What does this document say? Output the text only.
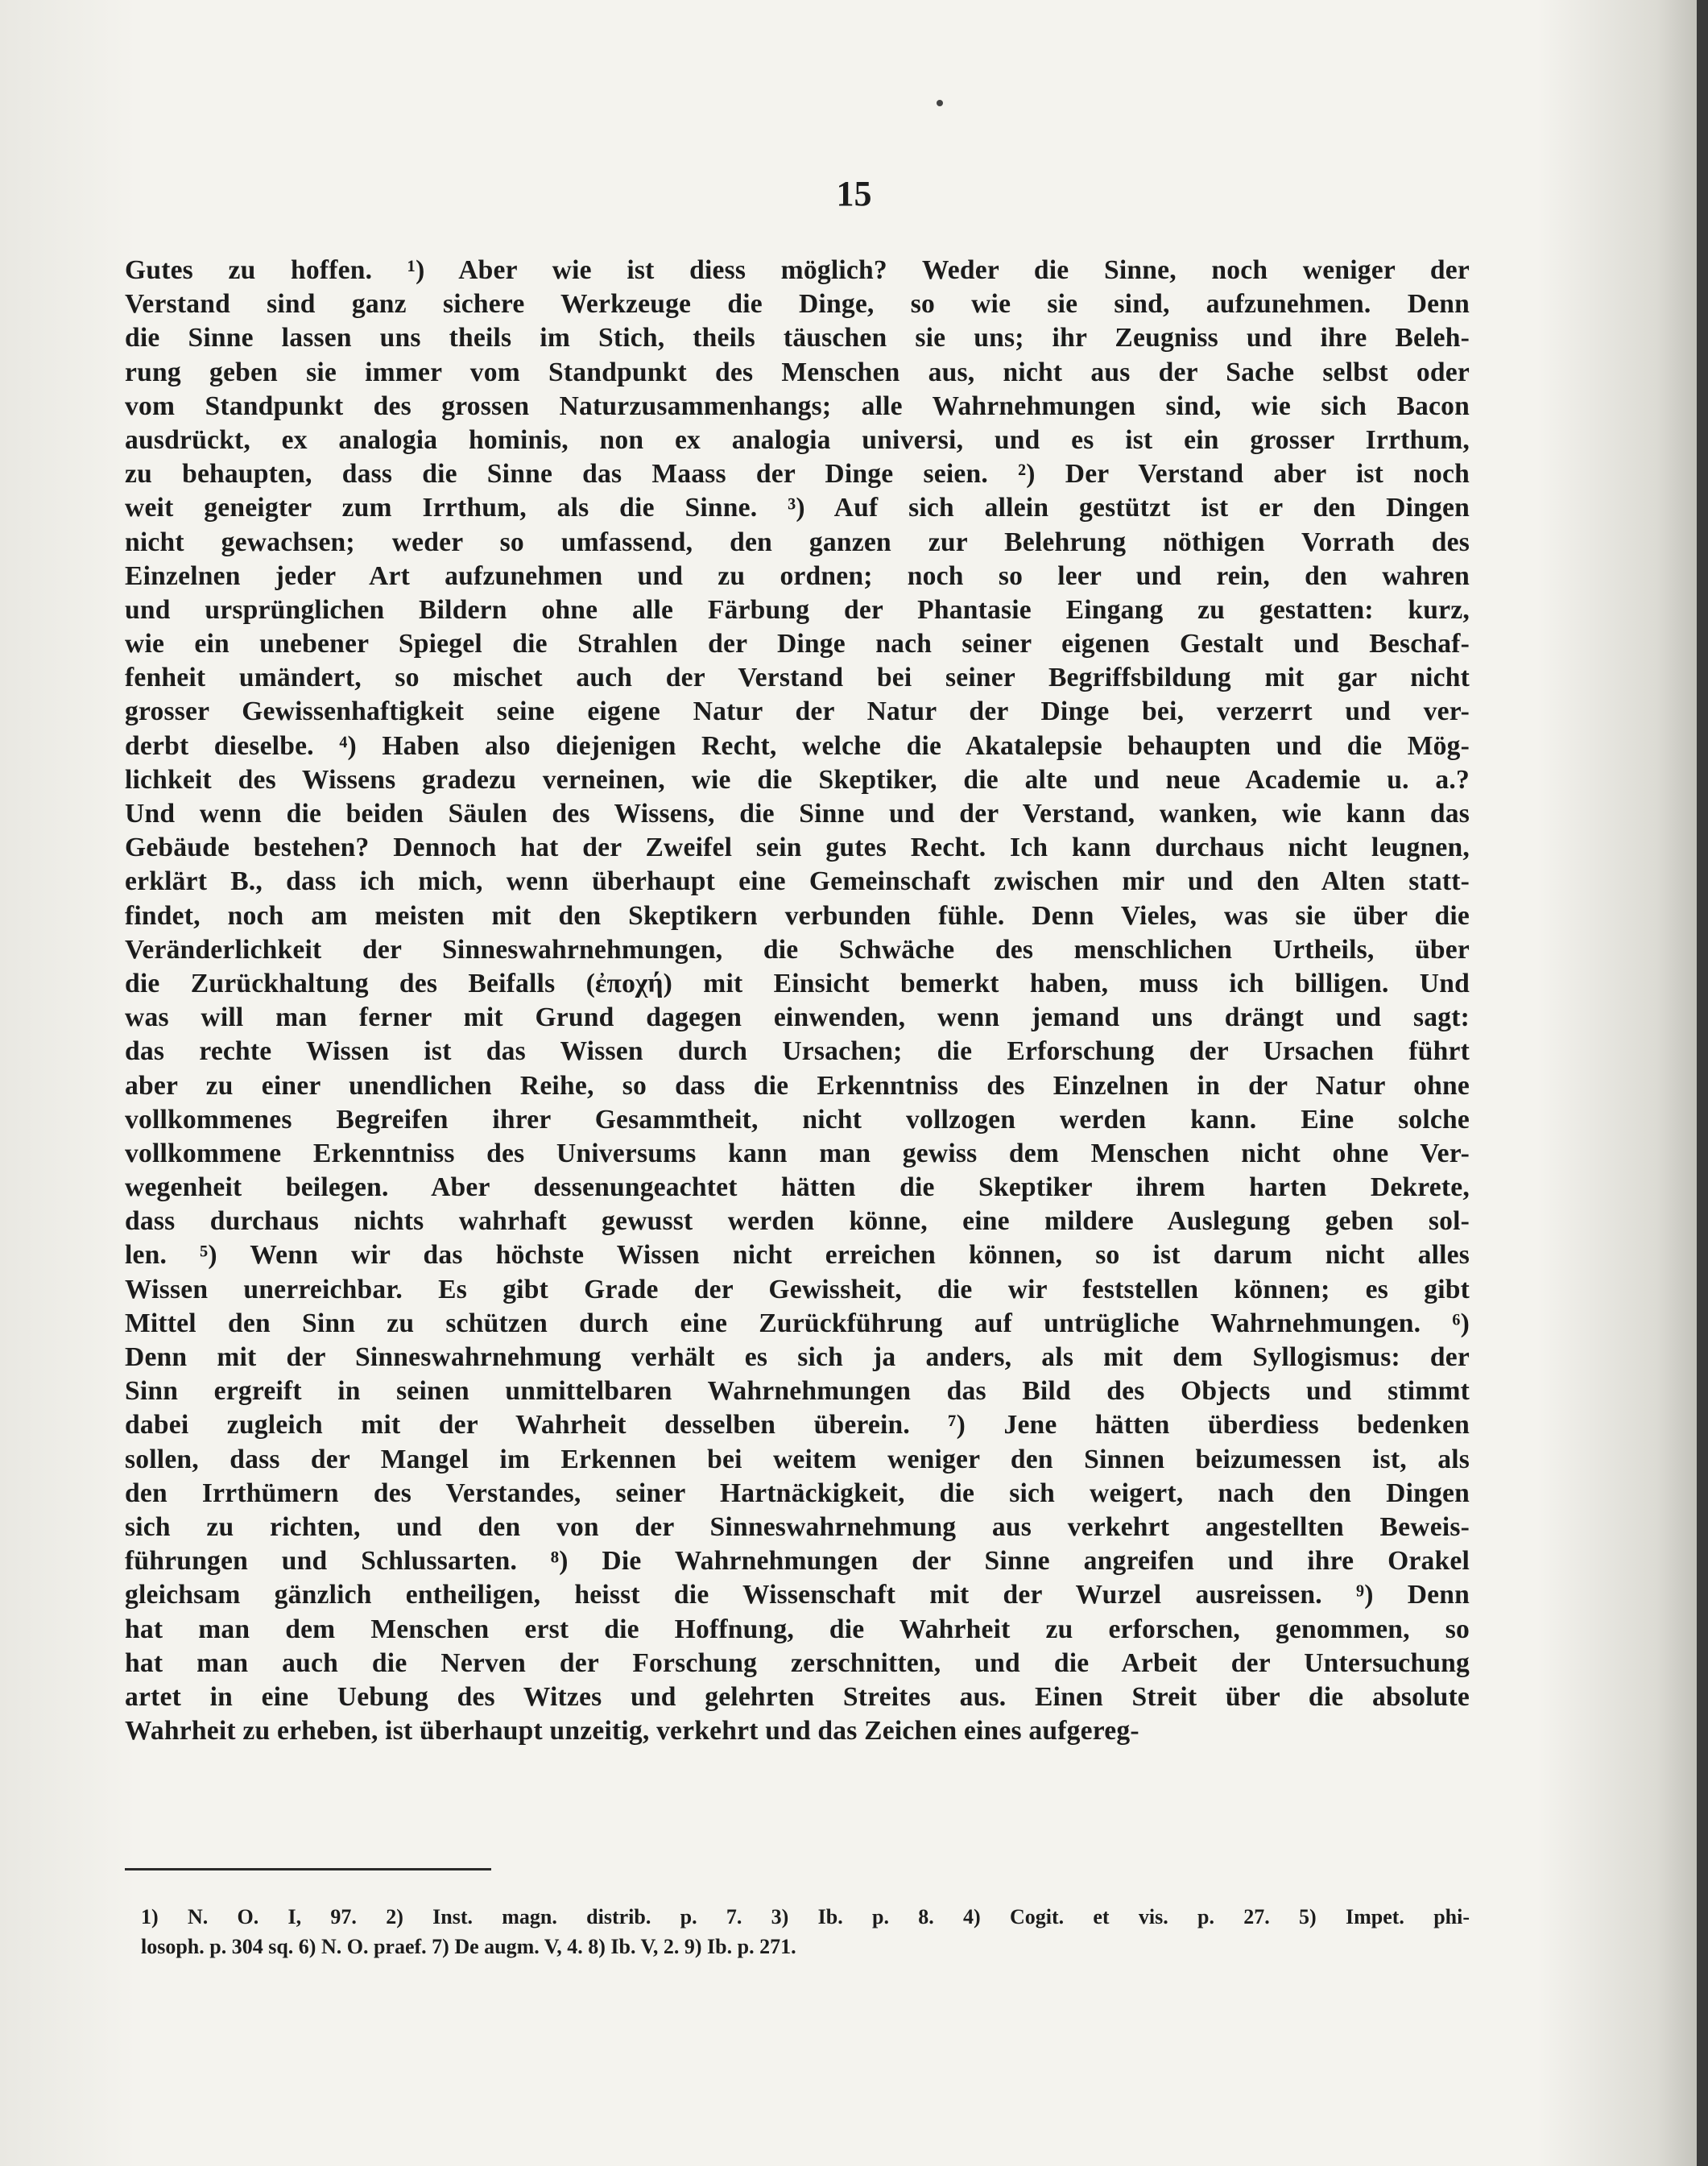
15
Gutes zu hoffen. ¹) Aber wie ist diess möglich? Weder die Sinne, noch weniger der
Verstand sind ganz sichere Werkzeuge die Dinge, so wie sie sind, aufzunehmen. Denn
die Sinne lassen uns theils im Stich, theils täuschen sie uns; ihr Zeugniss und ihre Beleh-
rung geben sie immer vom Standpunkt des Menschen aus, nicht aus der Sache selbst oder
vom Standpunkt des grossen Naturzusammenhangs; alle Wahrnehmungen sind, wie sich Bacon
ausdrückt, ex analogia hominis, non ex analogia universi, und es ist ein grosser Irrthum,
zu behaupten, dass die Sinne das Maass der Dinge seien. ²) Der Verstand aber ist noch
weit geneigter zum Irrthum, als die Sinne. ³) Auf sich allein gestützt ist er den Dingen
nicht gewachsen; weder so umfassend, den ganzen zur Belehrung nöthigen Vorrath des
Einzelnen jeder Art aufzunehmen und zu ordnen; noch so leer und rein, den wahren
und ursprünglichen Bildern ohne alle Färbung der Phantasie Eingang zu gestatten: kurz,
wie ein unebener Spiegel die Strahlen der Dinge nach seiner eigenen Gestalt und Beschaf-
fenheit umändert, so mischet auch der Verstand bei seiner Begriffsbildung mit gar nicht
grosser Gewissenhaftigkeit seine eigene Natur der Natur der Dinge bei, verzerrt und ver-
derbt dieselbe. ⁴) Haben also diejenigen Recht, welche die Akatalepsie behaupten und die Mög-
lichkeit des Wissens gradezu verneinen, wie die Skeptiker, die alte und neue Academie u. a.?
Und wenn die beiden Säulen des Wissens, die Sinne und der Verstand, wanken, wie kann das
Gebäude bestehen? Dennoch hat der Zweifel sein gutes Recht. Ich kann durchaus nicht leugnen,
erklärt B., dass ich mich, wenn überhaupt eine Gemeinschaft zwischen mir und den Alten statt-
findet, noch am meisten mit den Skeptikern verbunden fühle. Denn Vieles, was sie über die
Veränderlichkeit der Sinneswahrnehmungen, die Schwäche des menschlichen Urtheils, über
die Zurückhaltung des Beifalls (ἐποχή) mit Einsicht bemerkt haben, muss ich billigen. Und
was will man ferner mit Grund dagegen einwenden, wenn jemand uns drängt und sagt:
das rechte Wissen ist das Wissen durch Ursachen; die Erforschung der Ursachen führt
aber zu einer unendlichen Reihe, so dass die Erkenntniss des Einzelnen in der Natur ohne
vollkommenes Begreifen ihrer Gesammtheit, nicht vollzogen werden kann. Eine solche
vollkommene Erkenntniss des Universums kann man gewiss dem Menschen nicht ohne Ver-
wegenheit beilegen. Aber dessenungeachtet hätten die Skeptiker ihrem harten Dekrete,
dass durchaus nichts wahrhaft gewusst werden könne, eine mildere Auslegung geben sol-
len. ⁵) Wenn wir das höchste Wissen nicht erreichen können, so ist darum nicht alles
Wissen unerreichbar. Es gibt Grade der Gewissheit, die wir feststellen können; es gibt
Mittel den Sinn zu schützen durch eine Zurückführung auf untrügliche Wahrnehmungen. ⁶)
Denn mit der Sinneswahrnehmung verhält es sich ja anders, als mit dem Syllogismus: der
Sinn ergreift in seinen unmittelbaren Wahrnehmungen das Bild des Objects und stimmt
dabei zugleich mit der Wahrheit desselben überein. ⁷) Jene hätten überdiess bedenken
sollen, dass der Mangel im Erkennen bei weitem weniger den Sinnen beizumessen ist, als
den Irrthümern des Verstandes, seiner Hartnäckigkeit, die sich weigert, nach den Dingen
sich zu richten, und den von der Sinneswahrnehmung aus verkehrt angestellten Beweis-
führungen und Schlussarten. ⁸) Die Wahrnehmungen der Sinne angreifen und ihre Orakel
gleichsam gänzlich entheiligen, heisst die Wissenschaft mit der Wurzel ausreissen. ⁹) Denn
hat man dem Menschen erst die Hoffnung, die Wahrheit zu erforschen, genommen, so
hat man auch die Nerven der Forschung zerschnitten, und die Arbeit der Untersuchung
artet in eine Uebung des Witzes und gelehrten Streites aus. Einen Streit über die absolute
Wahrheit zu erheben, ist überhaupt unzeitig, verkehrt und das Zeichen eines aufgereg-
1) N. O. I, 97. 2) Inst. magn. distrib. p. 7. 3) Ib. p. 8. 4) Cogit. et vis. p. 27. 5) Impet. phi-
losoph. p. 304 sq. 6) N. O. praef. 7) De augm. V, 4. 8) Ib. V, 2. 9) Ib. p. 271.
